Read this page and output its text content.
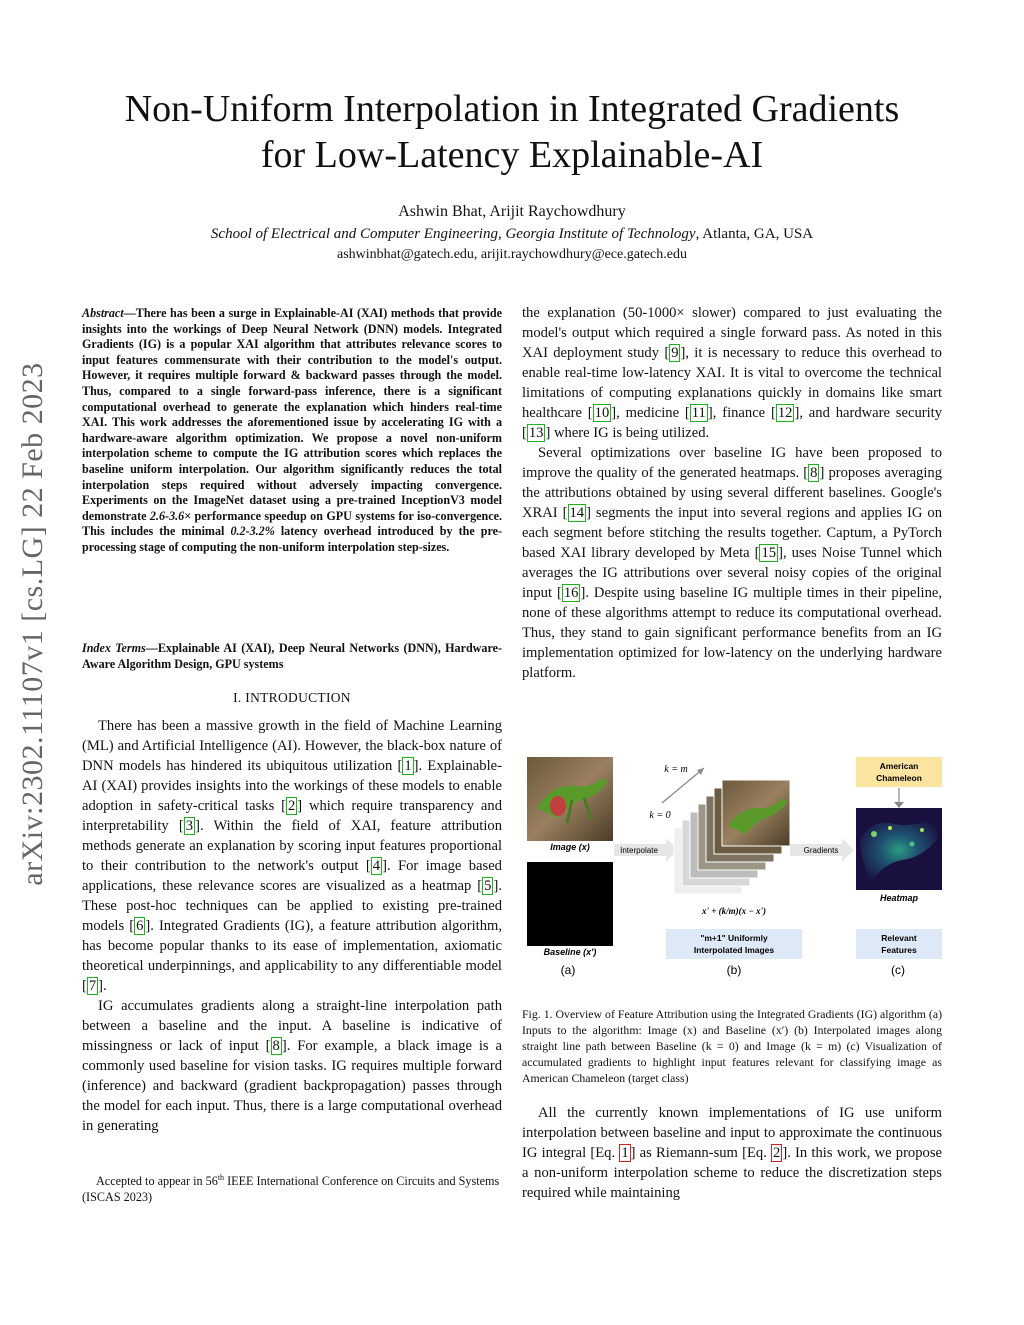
Non-Uniform Interpolation in Integrated Gradients
for Low-Latency Explainable-AI
Ashwin Bhat, Arijit Raychowdhury
School of Electrical and Computer Engineering, Georgia Institute of Technology, Atlanta, GA, USA
ashwinbhat@gatech.edu, arijit.raychowdhury@ece.gatech.edu
arXiv:2302.11107v1 [cs.LG] 22 Feb 2023
Abstract—There has been a surge in Explainable-AI (XAI) methods that provide insights into the workings of Deep Neural Network (DNN) models. Integrated Gradients (IG) is a popular XAI algorithm that attributes relevance scores to input features commensurate with their contribution to the model's output. However, it requires multiple forward & backward passes through the model. Thus, compared to a single forward-pass inference, there is a significant computational overhead to generate the explanation which hinders real-time XAI. This work addresses the aforementioned issue by accelerating IG with a hardware-aware algorithm optimization. We propose a novel non-uniform interpolation scheme to compute the IG attribution scores which replaces the baseline uniform interpolation. Our algorithm significantly reduces the total interpolation steps required without adversely impacting convergence. Experiments on the ImageNet dataset using a pre-trained InceptionV3 model demonstrate 2.6-3.6× performance speedup on GPU systems for iso-convergence. This includes the minimal 0.2-3.2% latency overhead introduced by the pre-processing stage of computing the non-uniform interpolation step-sizes.
Index Terms—Explainable AI (XAI), Deep Neural Networks (DNN), Hardware-Aware Algorithm Design, GPU systems
I. INTRODUCTION

There has been a massive growth in the field of Machine Learning (ML) and Artificial Intelligence (AI). However, the black-box nature of DNN models has hindered its ubiquitous utilization [ 1 ]. Explainable-AI (XAI) provides insights into the workings of these models to enable adoption in safety-critical tasks [ 2 ] which require transparency and interpretability [ 3 ]. Within the field of XAI, feature attribution methods generate an explanation by scoring input features proportional to their contribution to the network's output [ 4 ]. For image based applications, these relevance scores are visualized as a heatmap [ 5 ]. These post-hoc techniques can be applied to existing pre-trained models [ 6 ]. Integrated Gradients (IG), a feature attribution algorithm, has become popular thanks to its ease of implementation, axiomatic theoretical underpinnings, and applicability to any differentiable model [ 7 ].

IG accumulates gradients along a straight-line interpolation path between a baseline and the input. A baseline is indicative of missingness or lack of input [ 8 ]. For example, a black image is a commonly used baseline for vision tasks. IG requires multiple forward (inference) and backward (gradient backpropagation) passes through the model for each input. Thus, there is a large computational overhead in generating

Accepted to appear in 56th IEEE International Conference on Circuits and Systems (ISCAS 2023)

the explanation (50-1000× slower) compared to just evaluating the model's output which required a single forward pass. As noted in this XAI deployment study [ 9 ], it is necessary to reduce this overhead to enable real-time low-latency XAI. It is vital to overcome the technical limitations of computing explanations quickly in domains like smart healthcare [ 10 ], medicine [ 11 ], finance [ 12 ], and hardware security [ 13 ] where IG is being utilized.

Several optimizations over baseline IG have been proposed to improve the quality of the generated heatmaps. [ 8 ] proposes averaging the attributions obtained by using several different baselines. Google's XRAI [ 14 ] segments the input into several regions and applies IG on each segment before stitching the results together. Captum, a PyTorch based XAI library developed by Meta [ 15 ], uses Noise Tunnel which averages the IG attributions over several noisy copies of the original input [ 16 ]. Despite using baseline IG multiple times in their pipeline, none of these algorithms attempt to reduce its computational overhead. Thus, they stand to gain significant performance benefits from an IG implementation optimized for low-latency on the underlying hardware platform.

Image (x)
Baseline (x')
Interpolate
k = m
k = 0
x' + (k/m)(x − x')
"m+1" Uniformly
Interpolated Images
Gradients
American
Chameleon
Heatmap
Relevant
Features
(a)	(b)	(c)
Fig. 1. Overview of Feature Attribution using the Integrated Gradients (IG) algorithm (a) Inputs to the algorithm: Image (x) and Baseline (x′) (b) Interpolated images along straight line path between Baseline (k = 0) and Image (k = m) (c) Visualization of accumulated gradients to highlight input features relevant for classifying image as American Chameleon (target class)

All the currently known implementations of IG use uniform interpolation between baseline and input to approximate the continuous IG integral [Eq. 1 ] as Riemann-sum [Eq. 2 ]. In this work, we propose a non-uniform interpolation scheme to reduce the discretization steps required while maintaining
